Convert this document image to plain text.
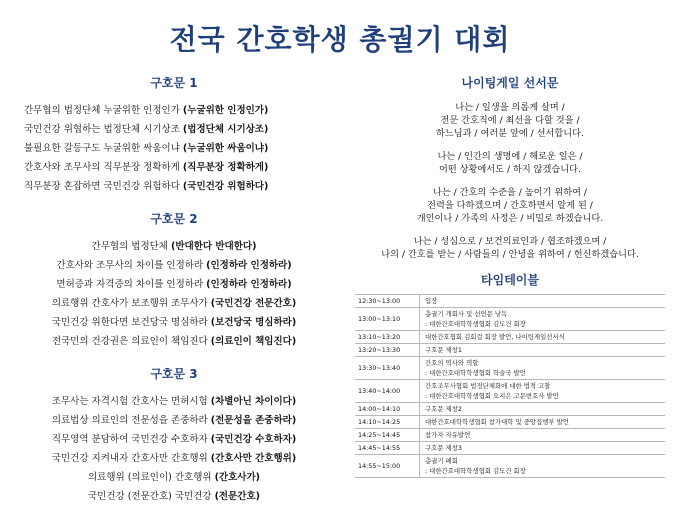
전국 간호학생 총궐기 대회
구호문 1
간무협의 법정단체 누굴위한 인정인가 (누굴위한 인정인가)
국민건강 위협하는 법정단체 시기상조 (법정단체 시기상조)
불필요한 갈등구도 누굴위한 싸움이냐 (누굴위한 싸움이냐)
간호사와 조무사의 직무분장 정확하게 (직무분장 정확하게)
직무분장 혼잡하면 국민건강 위험하다 (국민건강 위험하다)
구호문 2
간무협의 법정단체 (반대한다 반대한다)
간호사와 조무사의 차이를 인정하라 (인정하라 인정하라)
면허증과 자격증의 차이를 인정하라 (인정하라 인정하라)
의료행위 간호사가 보조행위 조무사가 (국민건강 전문간호)
국민건강 위한다면 보건당국 명심하라 (보건당국 명심하라)
전국민의 건강권은 의료인이 책임진다 (의료인이 책임진다)
구호문 3
조무사는 자격시험 간호사는 면허시험 (차별아닌 차이이다)
의료법상 의료인의 전문성을 존중하라 (전문성을 존중하라)
직무영역 분담하여 국민건강 수호하자 (국민건강 수호하자)
국민건강 지켜내자 간호사만 간호행위 (간호사만 간호행위)
의료행위 (의료인이) 간호행위 (간호사가)
국민건강 (전문간호) 국민건강 (전문간호)
나이팅게일 선서문
나는 / 일생을 의롭게 살며 /
전문 간호직에 / 최선을 다할 것을 /
하느님과 / 여러분 앞에 / 선서합니다.
나는 / 인간의 생명에 / 해로운 일은 /
어떤 상황에서도 / 하지 않겠습니다.
나는 / 간호의 수준을 / 높이기 위하여 /
전력을 다하겠으며 / 간호하면서 알게 된 /
개인이나 / 가족의 사정은 / 비밀로 하겠습니다.
나는 / 성심으로 / 보건의료인과 / 협조하겠으며 /
나의 / 간호를 받는 / 사람들의 / 안녕을 위하여 / 헌신하겠습니다.
타임테이블
12:30~13:00	입장

13:00~13:10	총궐기 개회사 및 선언문 낭독
: 대한간호대학학생협회 김도건 회장

13:10~13:20	대한간호협회 김회걸 회장 발언, 나이팅게일선서식

13:20~13:30	구호문 제창1

13:30~13:40	간호의 역사와 역할
: 대한간호대학학생협회 학술국 발언

13:40~14:00	간호조무사협회 법정단체화에 대한 법적 고찰
: 대한간호대학학생협회 오지은 고문변호사 발언

14:00~14:10	구호문 제창2

14:10~14:25	대한간호대학학생협회 참가대학 및 중앙집행부 발언

14:25~14:45	참가자 자유발언

14:45~14:55	구호문 제창3

14:55~15:00	총궐기 폐회
: 대한간호대학학생협회 김도건 회장
